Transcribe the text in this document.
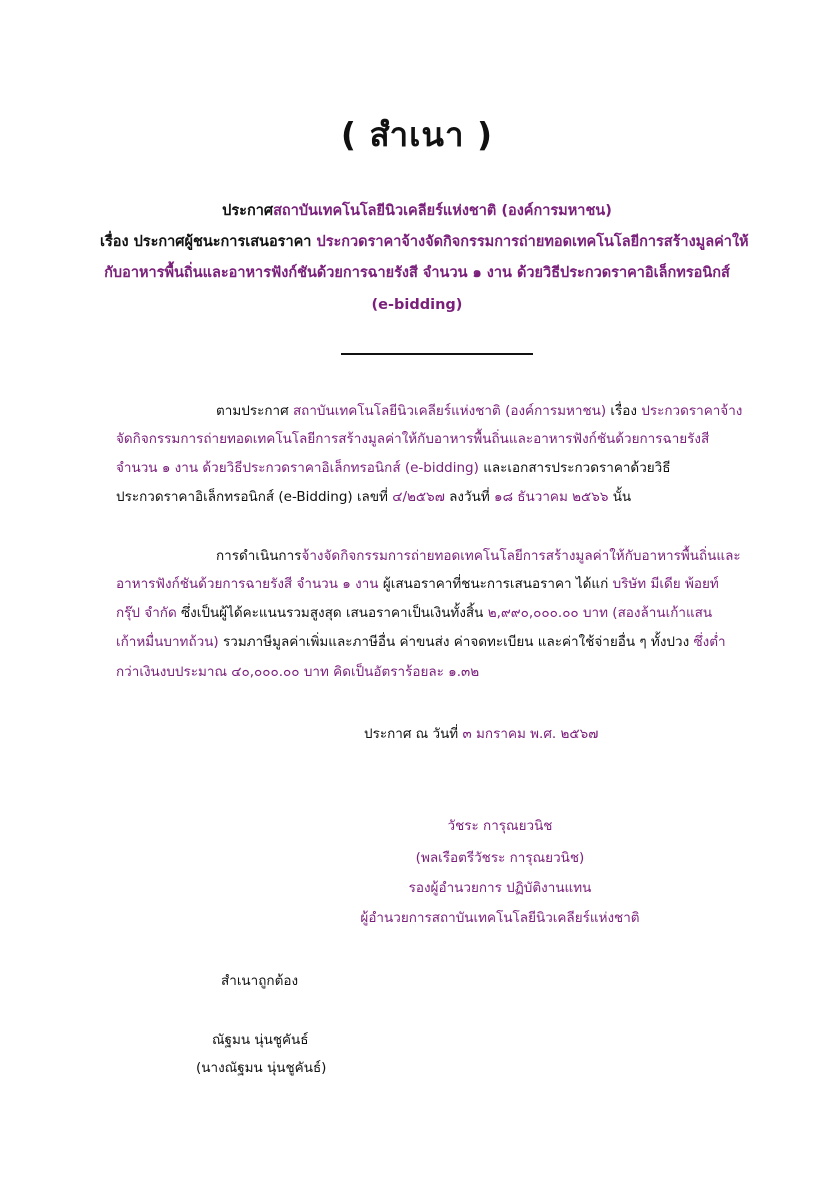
( สำเนา )
ประกาศสถาบันเทคโนโลยีนิวเคลียร์แห่งชาติ (องค์การมหาชน)
เรื่อง ประกาศผู้ชนะการเสนอราคา ประกวดราคาจ้างจัดกิจกรรมการถ่ายทอดเทคโนโลยีการสร้างมูลค่าให้
กับอาหารพื้นถิ่นและอาหารฟังก์ชันด้วยการฉายรังสี จำนวน ๑ งาน ด้วยวิธีประกวดราคาอิเล็กทรอนิกส์
(e-bidding)
ตามประกาศ สถาบันเทคโนโลยีนิวเคลียร์แห่งชาติ (องค์การมหาชน) เรื่อง ประกวดราคาจ้าง
จัดกิจกรรมการถ่ายทอดเทคโนโลยีการสร้างมูลค่าให้กับอาหารพื้นถิ่นและอาหารฟังก์ชันด้วยการฉายรังสี
จำนวน ๑ งาน ด้วยวิธีประกวดราคาอิเล็กทรอนิกส์ (e-bidding) และเอกสารประกวดราคาด้วยวิธี
ประกวดราคาอิเล็กทรอนิกส์ (e-Bidding) เลขที่ ๔/๒๕๖๗ ลงวันที่ ๑๘ ธันวาคม ๒๕๖๖ นั้น
การดำเนินการจ้างจัดกิจกรรมการถ่ายทอดเทคโนโลยีการสร้างมูลค่าให้กับอาหารพื้นถิ่นและ
อาหารฟังก์ชันด้วยการฉายรังสี จำนวน ๑ งาน ผู้เสนอราคาที่ชนะการเสนอราคา ได้แก่ บริษัท มีเดีย พ้อยท์
กรุ๊ป จำกัด ซึ่งเป็นผู้ได้คะแนนรวมสูงสุด เสนอราคาเป็นเงินทั้งสิ้น ๒,๙๙๐,๐๐๐.๐๐ บาท (สองล้านเก้าแสน
เก้าหมื่นบาทถ้วน) รวมภาษีมูลค่าเพิ่มและภาษีอื่น ค่าขนส่ง ค่าจดทะเบียน และค่าใช้จ่ายอื่น ๆ ทั้งปวง ซึ่งต่ำ
กว่าเงินงบประมาณ ๔๐,๐๐๐.๐๐ บาท คิดเป็นอัตราร้อยละ ๑.๓๒
ประกาศ ณ วันที่ ๓ มกราคม พ.ศ. ๒๕๖๗
วัชระ การุณยวนิช
(พลเรือตรีวัชระ การุณยวนิช)
รองผู้อำนวยการ ปฏิบัติงานแทน
ผู้อำนวยการสถาบันเทคโนโลยีนิวเคลียร์แห่งชาติ
สำเนาถูกต้อง
ณัฐมน นุ่นชูคันธ์
(นางณัฐมน นุ่นชูคันธ์)
